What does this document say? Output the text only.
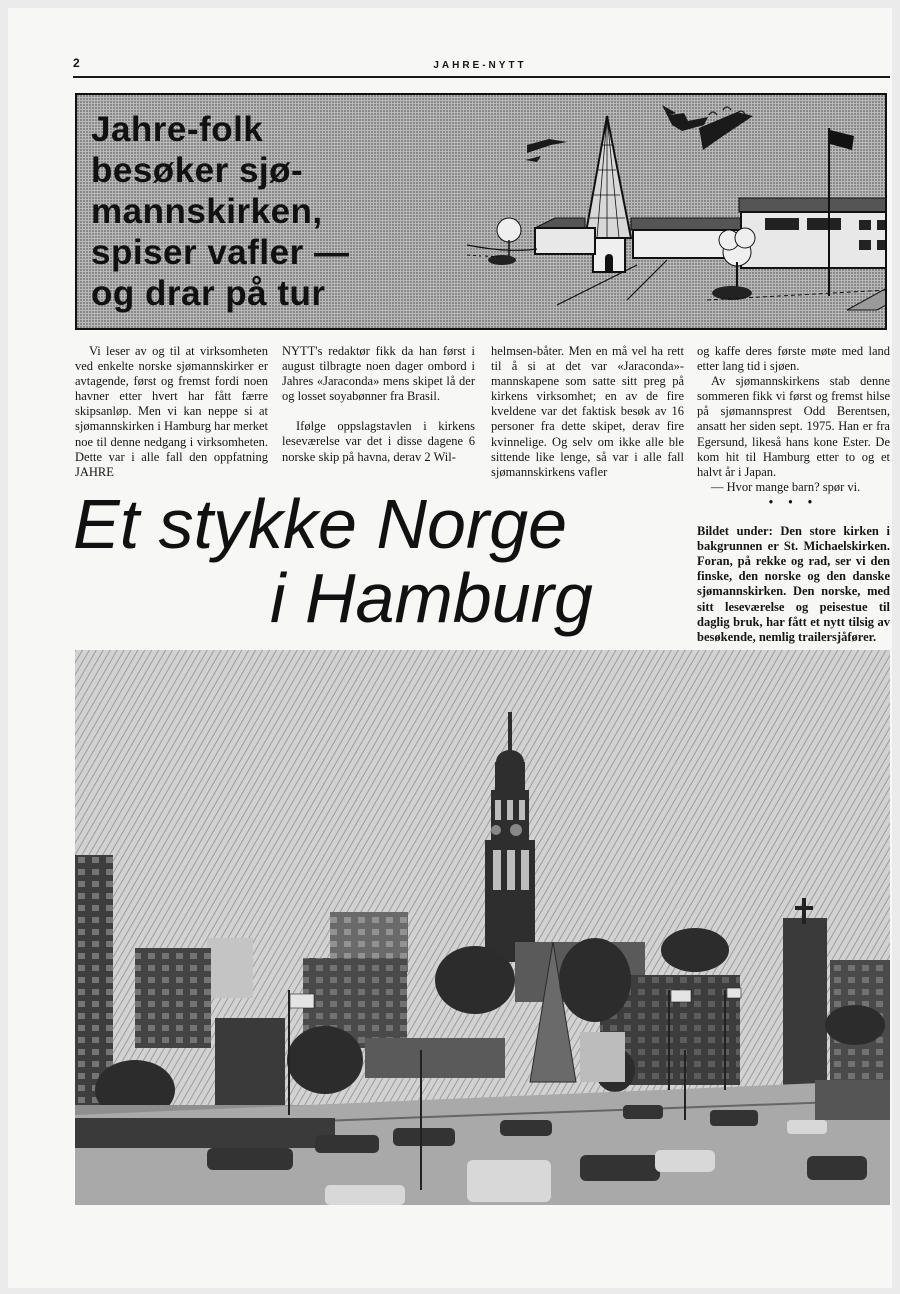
2	JAHRE-NYTT
Jahre-folk
besøker sjø-
mannskirken,
spiser vafler —
og drar på tur

Vi leser av og til at virksomheten ved enkelte norske sjømannskirker er avtagende, først og fremst fordi noen havner etter hvert har fått færre skipsanløp. Men vi kan neppe si at sjømannskirken i Hamburg har merket noe til denne nedgang i virksomheten. Dette var i alle fall den oppfatning JAHRE

NYTT's redaktør fikk da han først i august tilbragte noen dager ombord i Jahres «Jaraconda» mens skipet lå der og losset soyabønner fra Brasil.

Ifølge oppslagstavlen i kirkens leseværelse var det i disse dagene 6 norske skip på havna, derav 2 Wil-

helmsen-båter. Men en må vel ha rett til å si at det var «Jaraconda»-mannskapene som satte sitt preg på kirkens virksomhet; en av de fire kveldene var det faktisk besøk av 16 personer fra dette skipet, derav fire kvinnelige. Og selv om ikke alle ble sittende like lenge, så var i alle fall sjømannskirkens vafler

og kaffe deres første møte med land etter lang tid i sjøen.

Av sjømannskirkens stab denne sommeren fikk vi først og fremst hilse på sjømannsprest Odd Berentsen, ansatt her siden sept. 1975. Han er fra Egersund, likeså hans kone Ester. De kom hit til Hamburg etter to og et halvt år i Japan.

— Hvor mange barn? spør vi.

• • •

Bildet under: Den store kirken i bakgrunnen er St. Michaelskirken. Foran, på rekke og rad, ser vi den finske, den norske og den danske sjømannskirken. Den norske, med sitt leseværelse og peisestue til daglig bruk, har fått et nytt tilsig av besøkende, nemlig trailersjåfører.

Et stykke Norge
i Hamburg
